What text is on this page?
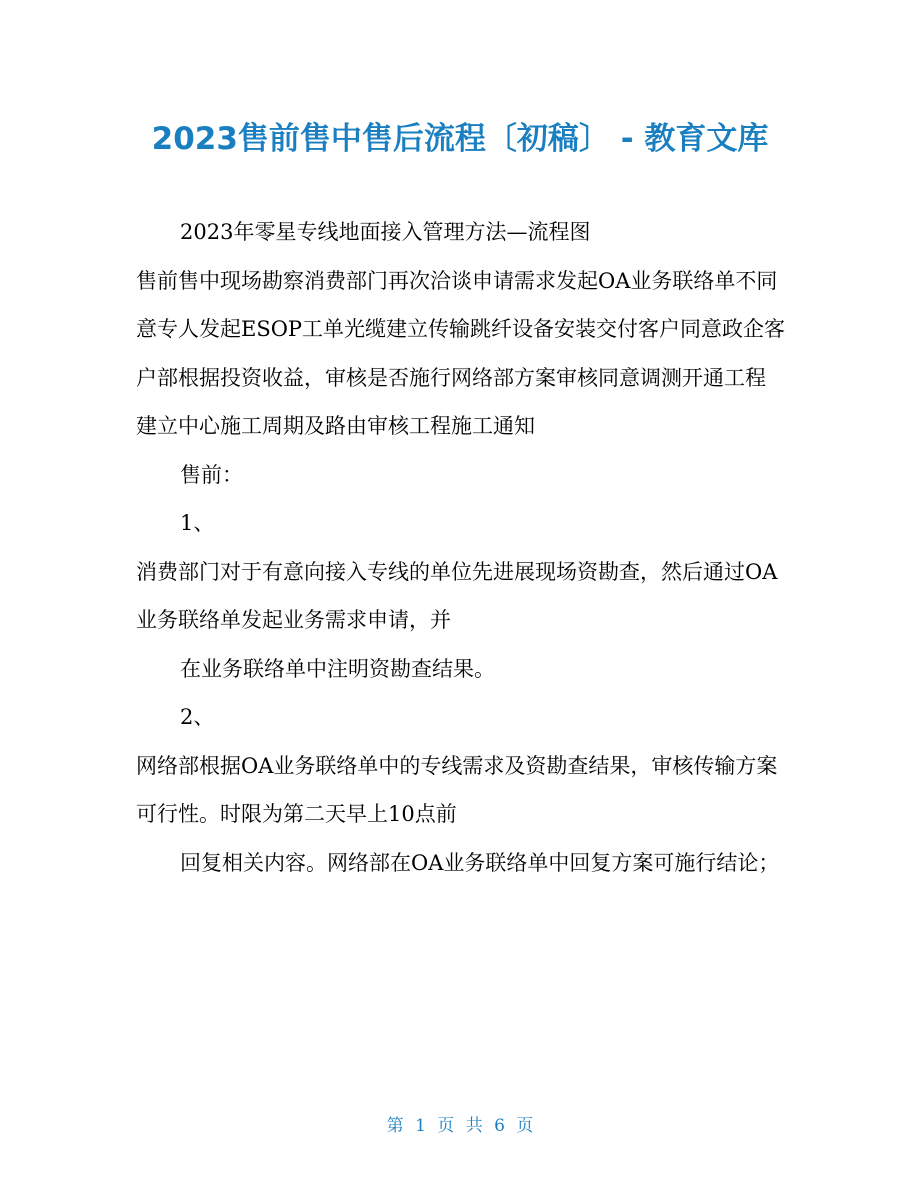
2023售前售中售后流程〔初稿〕 - 教育文库

2023年零星专线地面接入管理方法—流程图

售前售中现场勘察消费部门再次洽谈申请需求发起OA业务联络单不同意专人发起ESOP工单光缆建立传输跳纤设备安装交付客户同意政企客户部根据投资收益，审核是否施行网络部方案审核同意调测开通工程建立中心施工周期及路由审核工程施工通知

售前：

1、

消费部门对于有意向接入专线的单位先进展现场资勘查，然后通过OA业务联络单发起业务需求申请，并

在业务联络单中注明资勘查结果。

2、

网络部根据OA业务联络单中的专线需求及资勘查结果，审核传输方案可行性。时限为第二天早上10点前

回复相关内容。网络部在OA业务联络单中回复方案可施行结论；

第 1 页 共 6 页
